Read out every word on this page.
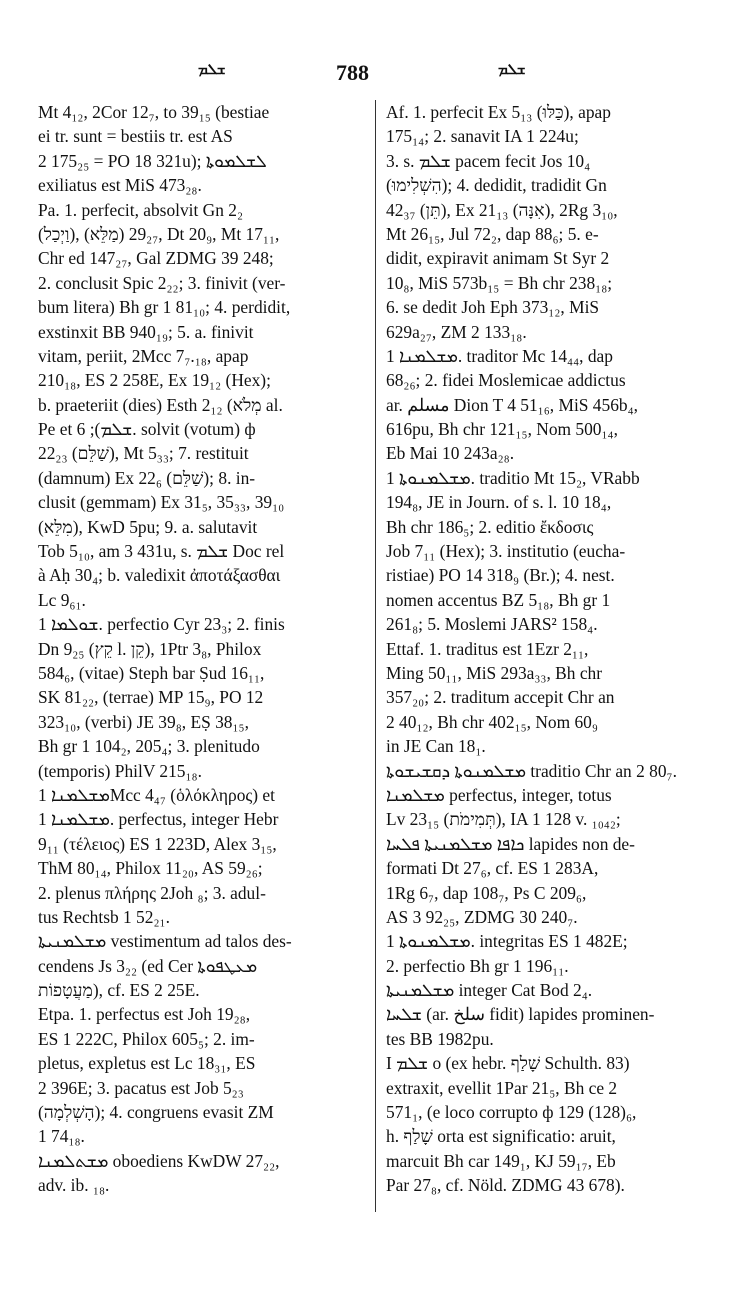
ܫܠܡ	788	ܫܠܡ
Mt 4₁₂, 2Cor 12₇, to 39₁₅ (bestiae
ei tr. sunt = bestiis tr. est AS
2 175₂₅ = PO 18 321u); ܠܫܠܡܘܬܐ
exiliatus est MiS 473₂₈.
Pa. 1. perfecit, absolvit Gn 2₂
(וַיְכַל), 29₂₇ (מַלֵּא), Dt 20₉, Mt 17₁₁,
Chr ed 147₂₇, Gal ZDMG 39 248;
2. conclusit Spic 2₂₂; 3. finivit (ver-
bum litera) Bh gr 1 81₁₀; 4. perdidit,
exstinxit BB 940₁₉; 5. a. finivit
vitam, periit, 2Mcc 7₇.₁₈, apap
210₁₈, ES 2 258E, Ex 19₁₂ (Hex);
b. praeteriit (dies) Esth 2₁₂ (מְלֹא al.
Pe et ܫܠܡ); 6. solvit (votum) ф
22₂₃ (שַׁלֵּם), Mt 5₃₃; 7. restituit
(damnum) Ex 22₆ (שַׁלֵּם); 8. in-
clusit (gemmam) Ex 31₅, 35₃₃, 39₁₀
(מִלֵּא), KwD 5pu; 9. a. salutavit
Tob 5₁₀, am 3 431u, s. ܫܠܡ Doc rel
à Aḥ 30₄; b. valedixit ἀποτάξασθαι
Lc 9₆₁.
ܫܘܠܡܐ 1. perfectio Cyr 23₃; 2. finis
Dn 9₂₅ (קֵץ l. קֵן), 1Ptr 3₈, Philox
584₆, (vitae) Steph bar Ṣud 16₁₁,
SK 81₂₂, (terrae) MP 15₉, PO 12
323₁₀, (verbi) JE 39₈, EṢ 38₁₅,
Bh gr 1 104₂, 205₄; 3. plenitudo
(temporis) PhilV 215₁₈.
ܡܫܠܡܢܐ 1Mcc 4₄₇ (ὁλόκληρος) et
ܡܫܠܡܢܐ 1. perfectus, integer Hebr
9₁₁ (τέλειος) ES 1 223D, Alex 3₁₅,
ThM 80₁₄, Philox 11₂₀, AS 59₂₆;
2. plenus πλήρης 2Joh ₈; 3. adul-
tus Rechtsb 1 52₂₁.
ܡܫܠܡܢܝܬܐ vestimentum ad talos des-
cendens Js 3₂₂ (ed Cer ܡܥܛܦܘܬܐ
מַעֲטָפוֹת), cf. ES 2 25E.
Etpa. 1. perfectus est Joh 19₂₈,
ES 1 222C, Philox 605₅; 2. im-
pletus, expletus est Lc 18₃₁, ES
2 396E; 3. pacatus est Job 5₂₃
(הָשְׁלְמָה); 4. congruens evasit ZM
1 74₁₈.
ܡܫܬܠܡܢܐ oboediens KwDW 27₂₂,
adv. ib. ₁₈.
Af. 1. perfecit Ex 5₁₃ (כַּלּוּ), apap
175₁₄; 2. sanavit IA 1 224u;
3. s. ܫܠܡ pacem fecit Jos 10₄
(הִשְׁלִימוּ); 4. dedidit, tradidit Gn
42₃₇ (תֵּן), Ex 21₁₃ (אִנָּה), 2Rg 3₁₀,
Mt 26₁₅, Jul 72₂, dap 88₆; 5. e-
didit, expiravit animam St Syr 2
10₈, MiS 573b₁₅ = Bh chr 238₁₈;
6. se dedit Joh Eph 373₁₂, MiS
629a₂₇, ZM 2 133₁₈.
ܡܫܠܡܢܐ 1. traditor Mc 14₄₄, dap
68₂₆; 2. fidei Moslemicae addictus
ar. مسلم Dion T 4 51₁₆, MiS 456b₄,
616pu, Bh chr 121₁₅, Nom 500₁₄,
Eb Mai 10 243a₂₈.
ܡܫܠܡܢܘܬܐ 1. traditio Mt 15₂, VRabb
194₈, JE in Journ. of s. l. 10 18₄,
Bh chr 186₅; 2. editio ἔκδοσις
Job 7₁₁ (Hex); 3. institutio (eucha-
ristiae) PO 14 318₉ (Br.); 4. nest.
nomen accentus BZ 5₁₈, Bh gr 1
261₈; 5. Moslemi JARS² 158₄.
Ettaf. 1. traditus est 1Ezr 2₁₁,
Ming 50₁₁, MiS 293a₃₃, Bh chr
357₂₀; 2. traditum accepit Chr an
2 40₁₂, Bh chr 402₁₅, Nom 60₉
in JE Can 18₁.
ܡܫܠܡܢܘܬܐ ܕܩܫܝܫܘܬܐ traditio Chr an 2 80₇.
ܡܫܠܡܢܐ perfectus, integer, totus
Lv 23₁₅ (תְּמִימֹת), IA 1 128 v. ₁₀₄₂;
ܟܐܦܐ ܡܫܠܡܢܝܬܐ ܦܠܚܐ lapides non de-
formati Dt 27₆, cf. ES 1 283A,
1Rg 6₇, dap 108₇, Ps C 209₆,
AS 3 92₂₅, ZDMG 30 240₇.
ܡܫܠܡܢܘܬܐ 1. integritas ES 1 482E;
2. perfectio Bh gr 1 196₁₁.
ܡܫܠܡܢܝܬܐ integer Cat Bod 2₄.
ܫܠܚܐ (ar. سلخ fidit) lapides prominen-
tes BB 1982pu.
I ܫܠܡ o (ex hebr. שָׁלַף Schulth. 83)
extraxit, evellit 1Par 21₅, Bh ce 2
571₁, (e loco corrupto ф 129 (128)₆,
h. שָׁלַף orta est significatio: aruit,
marcuit Bh car 149₁, KJ 59₁₇, Eb
Par 27₈, cf. Nöld. ZDMG 43 678).
